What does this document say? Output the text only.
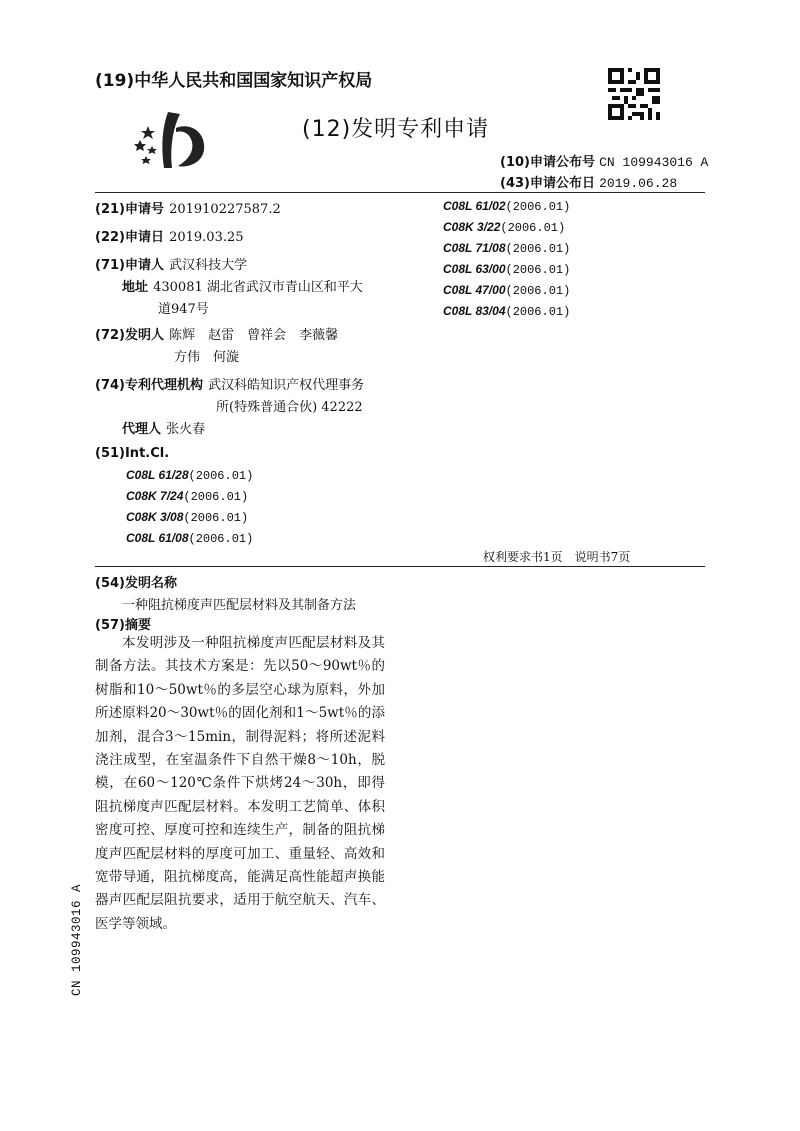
(19)中华人民共和国国家知识产权局
(12)发明专利申请
(10)申请公布号 CN 109943016 A
(43)申请公布日 2019.06.28
(21)申请号 201910227587.2
(22)申请日 2019.03.25
(71)申请人 武汉科技大学
地址 430081 湖北省武汉市青山区和平大
道947号
(72)发明人 陈辉　赵雷　曾祥会　李薇馨
方伟　何漩
(74)专利代理机构 武汉科皓知识产权代理事务
所(特殊普通合伙) 42222
代理人 张火春
(51)Int.Cl.
C08L 61/28(2006.01)
C08K 7/24(2006.01)
C08K 3/08(2006.01)
C08L 61/08(2006.01)
C08L 61/02(2006.01)
C08K 3/22(2006.01)
C08L 71/08(2006.01)
C08L 63/00(2006.01)
C08L 47/00(2006.01)
C08L 83/04(2006.01)
权利要求书1页　说明书7页
(54)发明名称
一种阻抗梯度声匹配层材料及其制备方法
(57)摘要
本发明涉及一种阻抗梯度声匹配层材料及其制备方法。其技术方案是：先以50～90wt％的树脂和10～50wt％的多层空心球为原料，外加所述原料20～30wt％的固化剂和1～5wt％的添加剂，混合3～15min，制得泥料；将所述泥料浇注成型，在室温条件下自然干燥8～10h，脱模，在60～120℃条件下烘烤24～30h，即得阻抗梯度声匹配层材料。本发明工艺简单、体积密度可控、厚度可控和连续生产，制备的阻抗梯度声匹配层材料的厚度可加工、重量轻、高效和宽带导通，阻抗梯度高，能满足高性能超声换能器声匹配层阻抗要求，适用于航空航天、汽车、医学等领域。
CN 109943016 A
